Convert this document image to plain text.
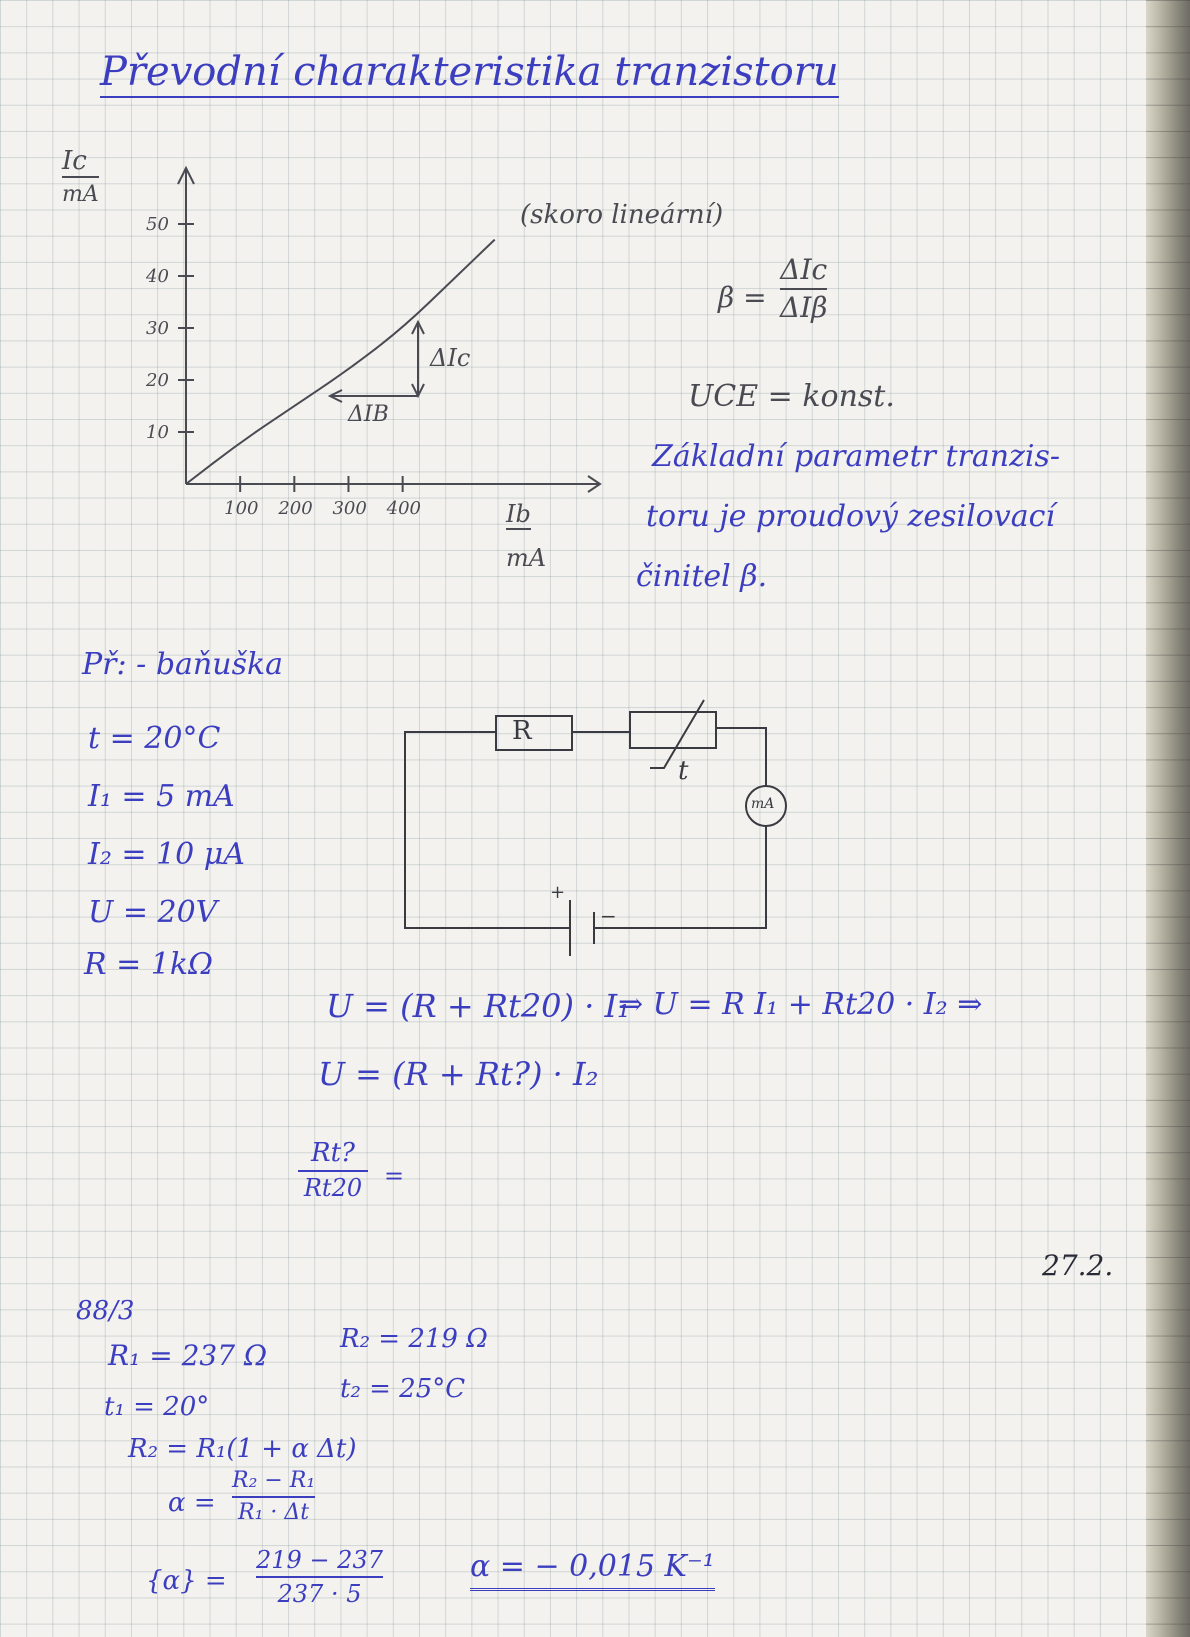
Převodní charakteristika tranzistoru
50
40
30
20
10
100 200 300 400
Ic
mA
Ib
mA
(skoro lineární)
ΔIc
ΔIB
β =
ΔIc
ΔIβ
UCE = konst.
Základní parametr tranzis-
toru je proudový zesilovací
činitel β.
Př: - baňuška
t = 20°C
I₁ = 5 mA
I₂ = 10 μA
U = 20V
R = 1kΩ
R
t
mA
+
−
U = (R + Rt20) · I₁
⇒ U = R I₁ + Rt20 · I₂ ⇒
U = (R + Rt?) · I₂
Rt?
Rt20 =
27.2.
88/3
R₁ = 237 Ω	R₂ = 219 Ω
t₁ = 20°
t₂ = 25°C
R₂ = R₁(1 + α Δt)
α =
R₂ − R₁
R₁ · Δt
{α} =
219 − 237
237 · 5
α = − 0,015 K⁻¹
